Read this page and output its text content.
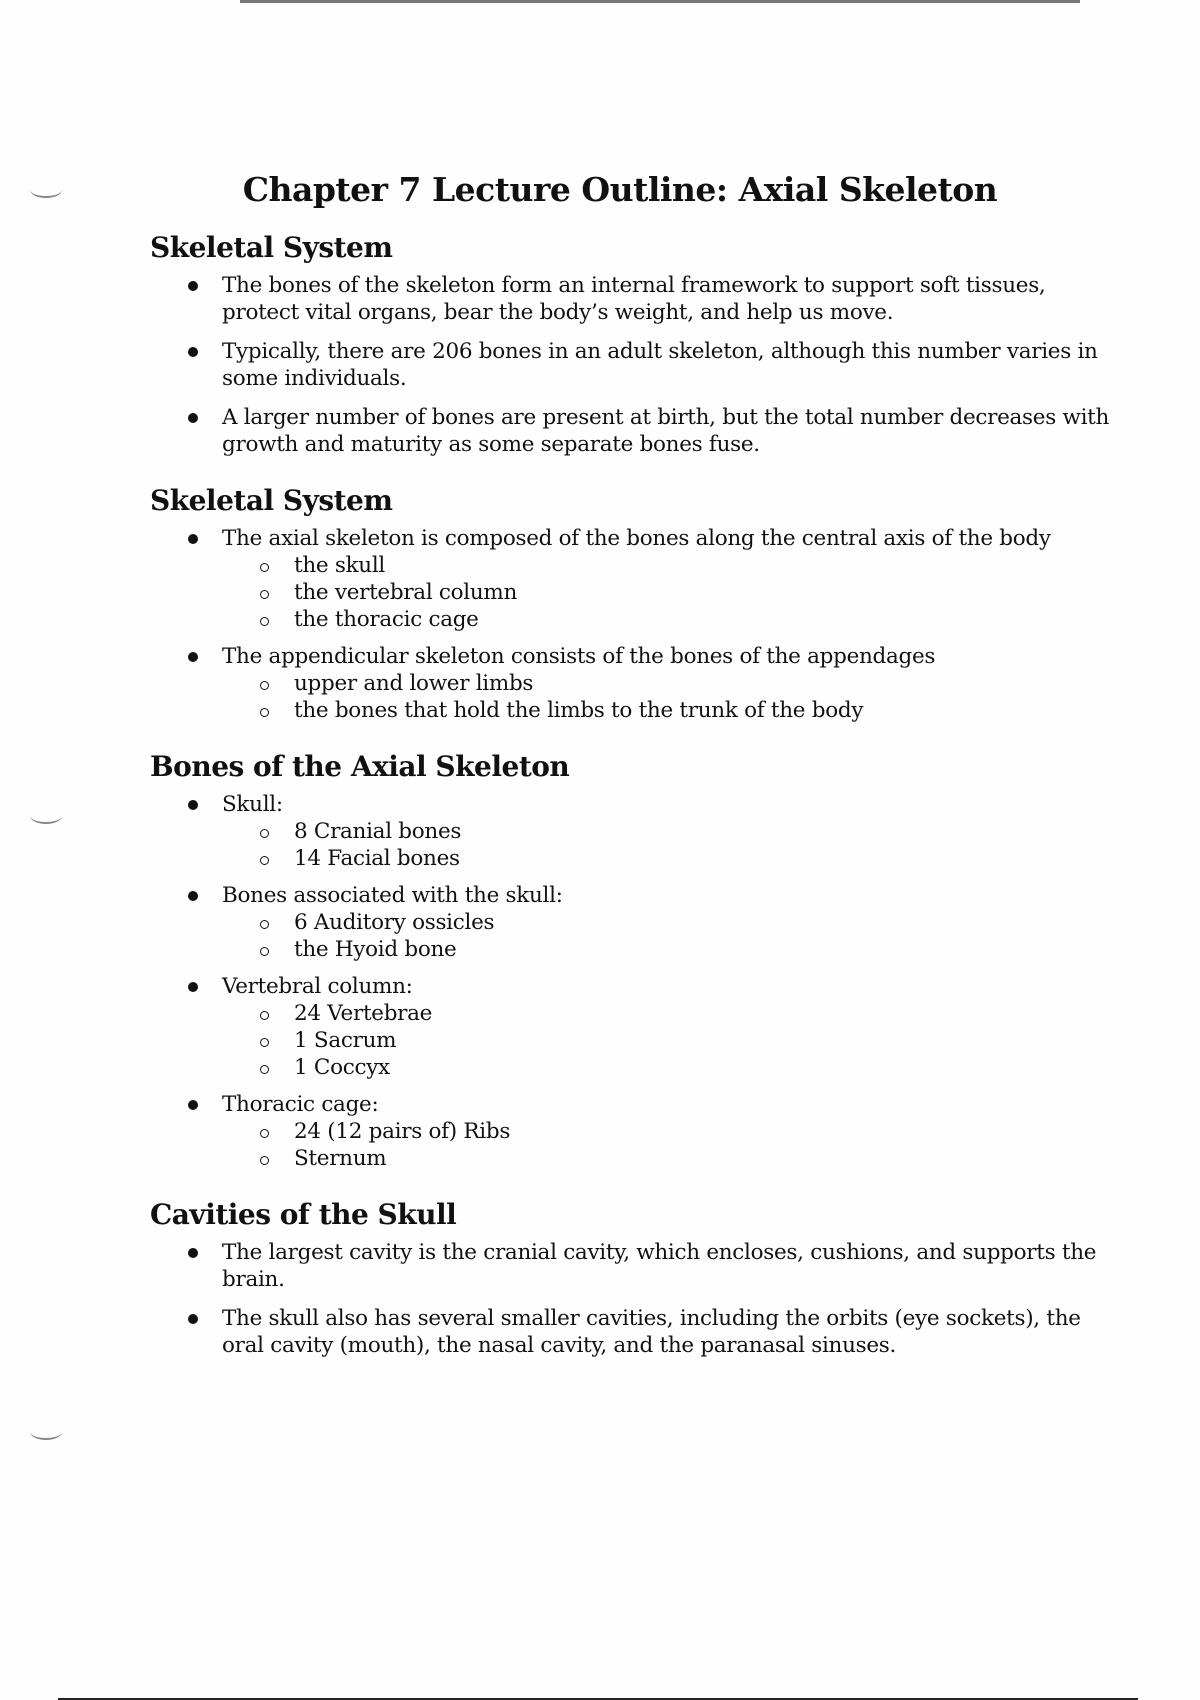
Chapter 7 Lecture Outline: Axial Skeleton
Skeletal System
The bones of the skeleton form an internal framework to support soft tissues, protect vital organs, bear the body’s weight, and help us move.
Typically, there are 206 bones in an adult skeleton, although this number varies in some individuals.
A larger number of bones are present at birth, but the total number decreases with growth and maturity as some separate bones fuse.
Skeletal System
The axial skeleton is composed of the bones along the central axis of the body
the skull
the vertebral column
the thoracic cage
The appendicular skeleton consists of the bones of the appendages
upper and lower limbs
the bones that hold the limbs to the trunk of the body
Bones of the Axial Skeleton
Skull:
8 Cranial bones
14 Facial bones
Bones associated with the skull:
6 Auditory ossicles
the Hyoid bone
Vertebral column:
24 Vertebrae
1 Sacrum
1 Coccyx
Thoracic cage:
24 (12 pairs of) Ribs
Sternum
Cavities of the Skull
The largest cavity is the cranial cavity, which encloses, cushions, and supports the brain.
The skull also has several smaller cavities, including the orbits (eye sockets), the oral cavity (mouth), the nasal cavity, and the paranasal sinuses.
